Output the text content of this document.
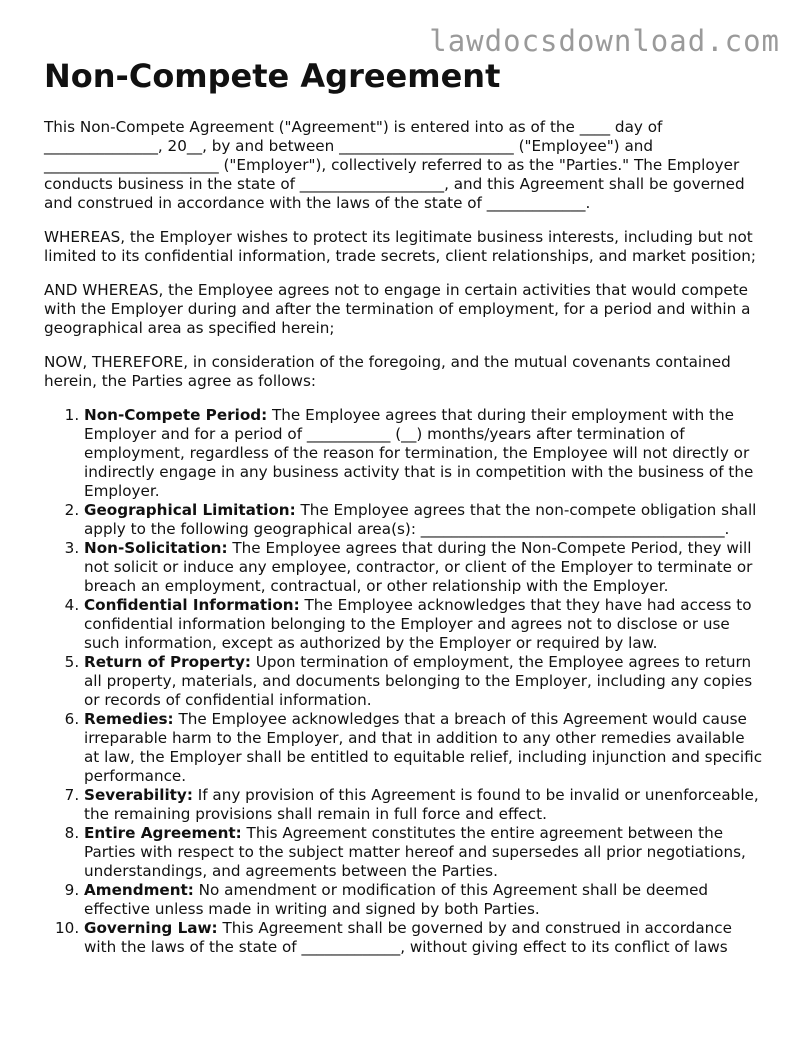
lawdocsdownload.com
Non-Compete Agreement

This Non-Compete Agreement ("Agreement") is entered into as of the ____ day of _______________, 20__, by and between _______________________ ("Employee") and _______________________ ("Employer"), collectively referred to as the "Parties." The Employer conducts business in the state of ___________________, and this Agreement shall be governed and construed in accordance with the laws of the state of _____________.

WHEREAS, the Employer wishes to protect its legitimate business interests, including but not limited to its confidential information, trade secrets, client relationships, and market position;

AND WHEREAS, the Employee agrees not to engage in certain activities that would compete with the Employer during and after the termination of employment, for a period and within a geographical area as specified herein;

NOW, THEREFORE, in consideration of the foregoing, and the mutual covenants contained herein, the Parties agree as follows:

1. Non-Compete Period: The Employee agrees that during their employment with the Employer and for a period of ___________ (__) months/years after termination of employment, regardless of the reason for termination, the Employee will not directly or indirectly engage in any business activity that is in competition with the business of the Employer.
2. Geographical Limitation: The Employee agrees that the non-compete obligation shall apply to the following geographical area(s): ________________________________________.
3. Non-Solicitation: The Employee agrees that during the Non-Compete Period, they will not solicit or induce any employee, contractor, or client of the Employer to terminate or breach an employment, contractual, or other relationship with the Employer.
4. Confidential Information: The Employee acknowledges that they have had access to confidential information belonging to the Employer and agrees not to disclose or use such information, except as authorized by the Employer or required by law.
5. Return of Property: Upon termination of employment, the Employee agrees to return all property, materials, and documents belonging to the Employer, including any copies or records of confidential information.
6. Remedies: The Employee acknowledges that a breach of this Agreement would cause irreparable harm to the Employer, and that in addition to any other remedies available at law, the Employer shall be entitled to equitable relief, including injunction and specific performance.
7. Severability: If any provision of this Agreement is found to be invalid or unenforceable, the remaining provisions shall remain in full force and effect.
8. Entire Agreement: This Agreement constitutes the entire agreement between the Parties with respect to the subject matter hereof and supersedes all prior negotiations, understandings, and agreements between the Parties.
9. Amendment: No amendment or modification of this Agreement shall be deemed effective unless made in writing and signed by both Parties.
10. Governing Law: This Agreement shall be governed by and construed in accordance with the laws of the state of _____________, without giving effect to its conflict of laws
